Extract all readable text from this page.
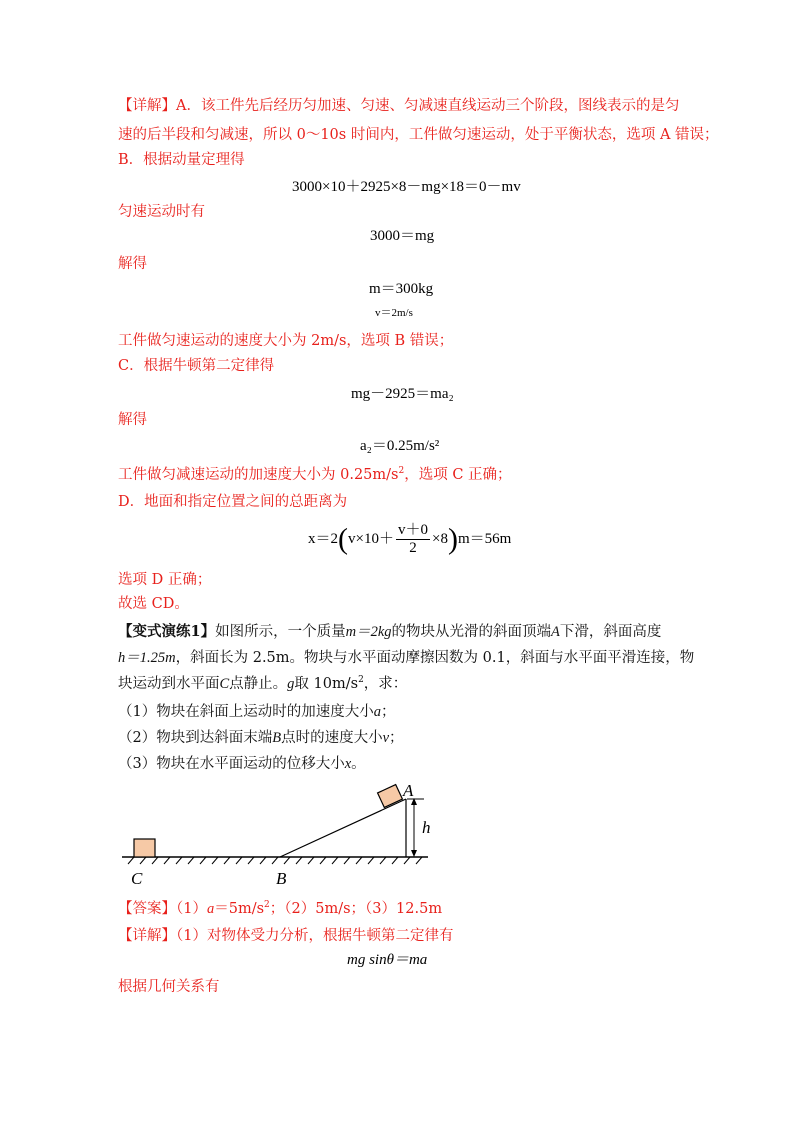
【详解】A．该工件先后经历匀加速、匀速、匀减速直线运动三个阶段，图线表示的是匀
速的后半段和匀减速，所以 0～10s 时间内，工件做匀速运动，处于平衡状态，选项 A 错误；
B．根据动量定理得
3000×10＋2925×8－mg×18＝0－mv
匀速运动时有
3000＝mg
解得
m＝300kg
v＝2m/s
工件做匀速运动的速度大小为 2m/s，选项 B 错误；
C．根据牛顿第二定律得
mg－2925＝ma₂
解得
a₂＝0.25m/s²
工件做匀减速运动的加速度大小为 $0.25m/s^2$，选项 C 正确；
D．地面和指定位置之间的总距离为
$x=2(v\times 10+ \frac{v+0}{2} \times 8)m=56m$
选项 D 正确；
故选 CD。
【变式演练1】如图所示，一个质量m＝2kg的物块从光滑的斜面顶端A下滑，斜面高度
h＝1.25m，斜面长为 2.5m。物块与水平面动摩擦因数为 0.1，斜面与水平面平滑连接，物
块运动到水平面C点静止。g取 $10m/s^2$，求：
（1）物块在斜面上运动时的加速度大小a；
（2）物块到达斜面末端B点时的速度大小v；
（3）物块在水平面运动的位移大小x。
A
h
B
C
【答案】$(1)a=5m/s^2$；（2）5m/s；（3）12.5m
【详解】（1）对物体受力分析，根据牛顿第二定律有
mg sinθ＝ma
根据几何关系有
